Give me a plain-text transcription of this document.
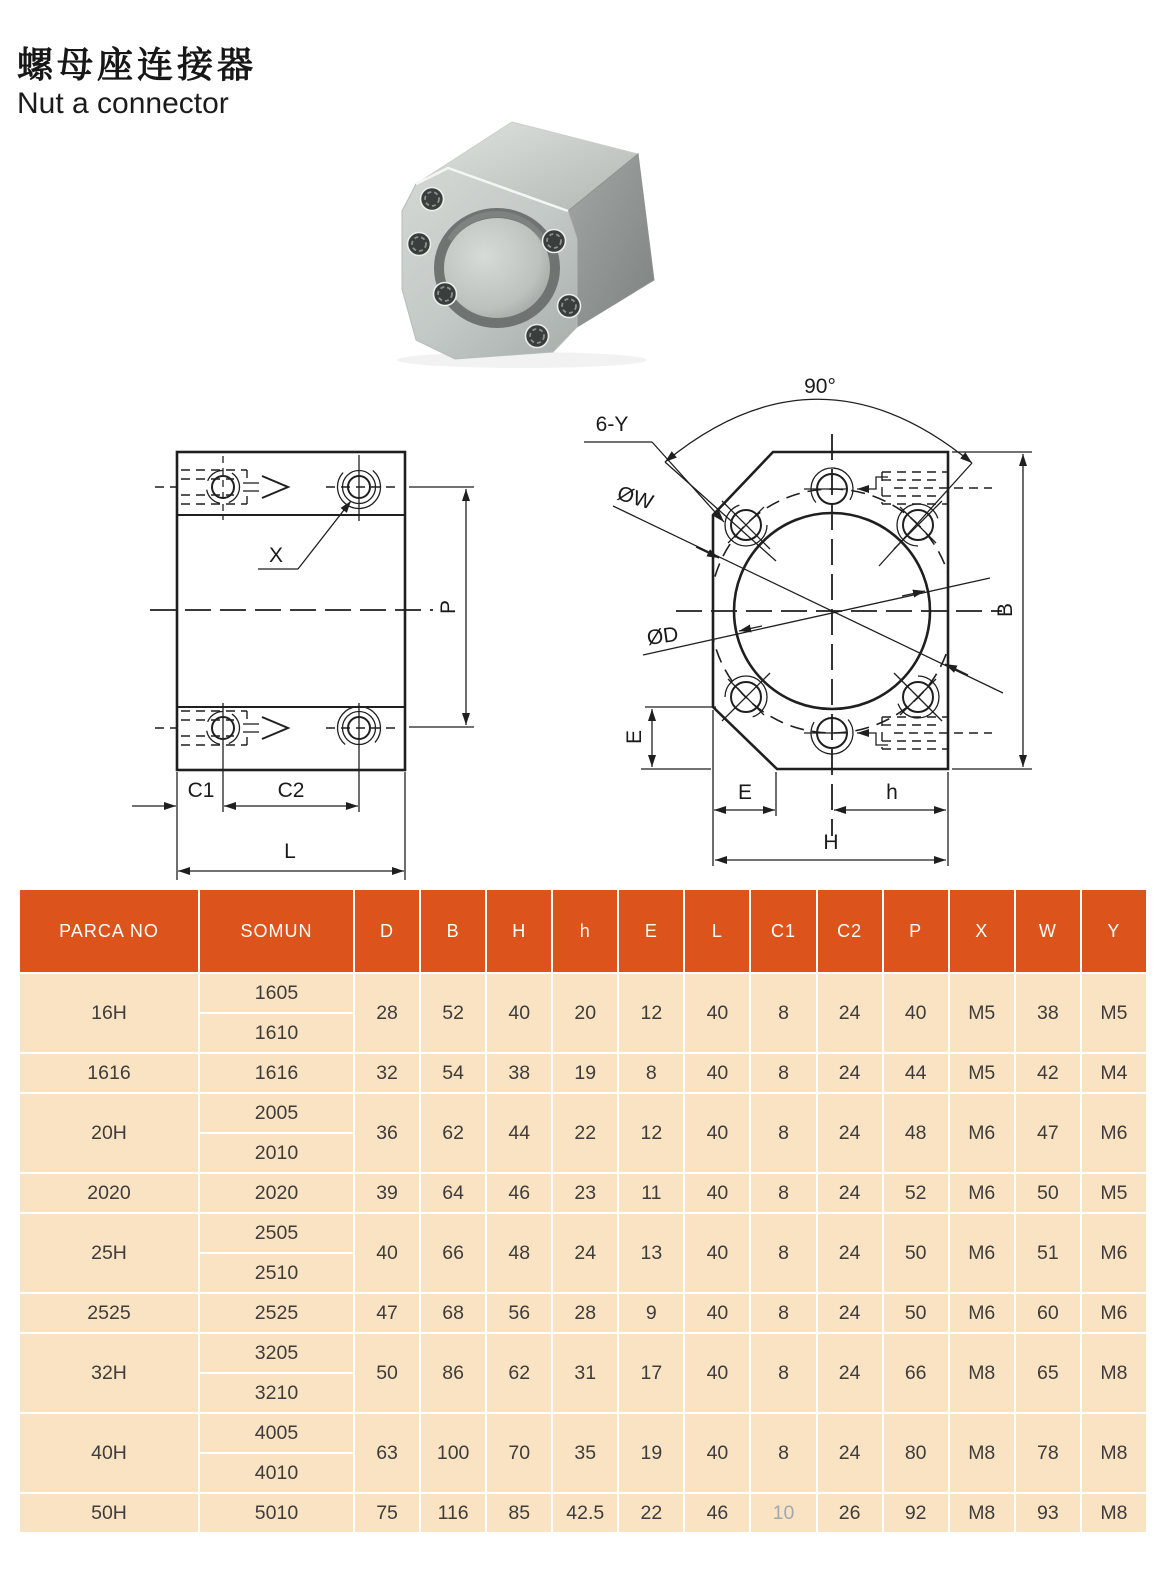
螺母座连接器
Nut a connector
X
P
C1	C2
L
90°
6-Y
ØW
ØD
B
E
E	h
H
PARCA NO	SOMUN	D	B	H	h	E	L	C1	C2	P	X	W	Y
16H	1605	28	52	40	20	12	40	8	24	40	M5	38	M5
	1610												
1616	1616	32	54	38	19	8	40	8	24	44	M5	42	M4
20H	2005	36	62	44	22	12	40	8	24	48	M6	47	M6
	2010												
2020	2020	39	64	46	23	11	40	8	24	52	M6	50	M5
25H	2505	40	66	48	24	13	40	8	24	50	M6	51	M6
	2510												
2525	2525	47	68	56	28	9	40	8	24	50	M6	60	M6
32H	3205	50	86	62	31	17	40	8	24	66	M8	65	M8
	3210												
40H	4005	63	100	70	35	19	40	8	24	80	M8	78	M8
	4010												
50H	5010	75	116	85	42.5	22	46	10	26	92	M8	93	M8
